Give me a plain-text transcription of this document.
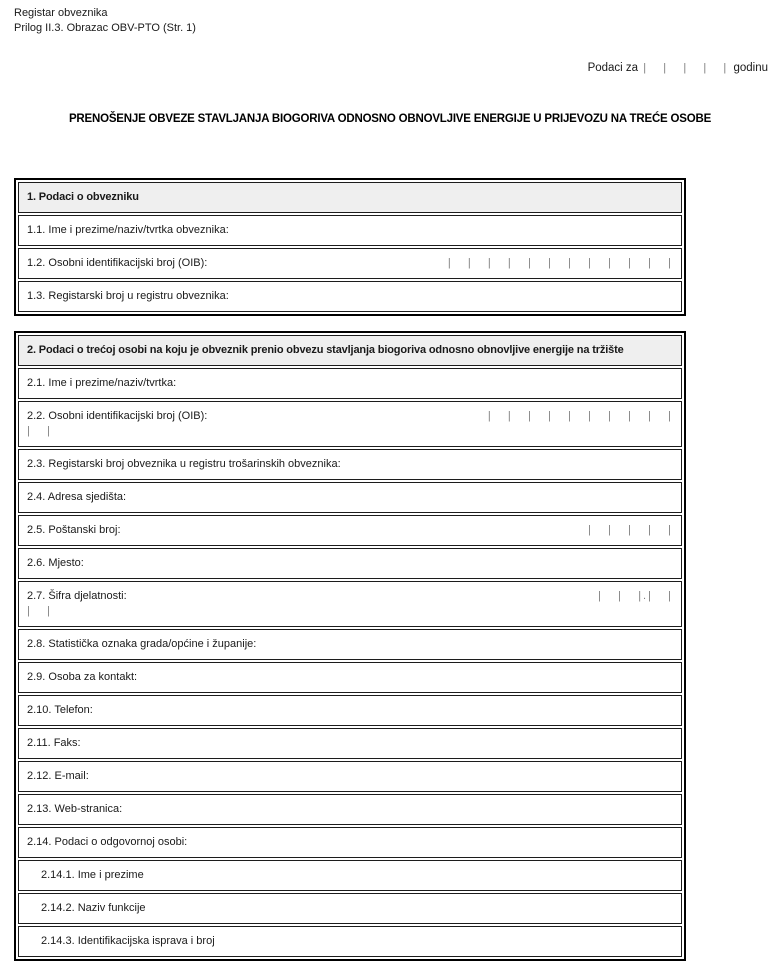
Registar obveznika
Prilog II.3. Obrazac OBV-PTO (Str. 1)
Podaci za |   |   |   |   | godinu
PRENOŠENJE OBVEZE STAVLJANJA BIOGORIVA ODNOSNO OBNOVLJIVE ENERGIJE U PRIJEVOZU NA TREĆE OSOBE
1. Podaci o obvezniku
1.1. Ime i prezime/naziv/tvrtka obveznika:

1.2. Osobni identifikacijski broj (OIB):	|   |   |   |   |   |   |   |   |   |   |   |

1.3. Registarski broj u registru obveznika:
2. Podaci o trećoj osobi na koju je obveznik prenio obvezu stavljanja biogoriva odnosno obnovljive energije na tržište
2.1. Ime i prezime/naziv/tvrtka:

2.2. Osobni identifikacijski broj (OIB):	|   |   |   |   |   |   |   |   |   |
|   |

2.3. Registarski broj obveznika u registru trošarinskih obveznika:
2.4. Adresa sjedišta:

2.5. Poštanski broj:	|   |   |   |   |

2.6. Mjesto:

2.7. Šifra djelatnosti:	|   |   |.|   |
|   |

2.8. Statistička oznaka grada/općine i županije:
2.9. Osoba za kontakt:
2.10. Telefon:
2.11. Faks:
2.12. E-mail:
2.13. Web-stranica:
2.14. Podaci o odgovornoj osobi:
2.14.1. Ime i prezime
2.14.2. Naziv funkcije
2.14.3. Identifikacijska isprava i broj
